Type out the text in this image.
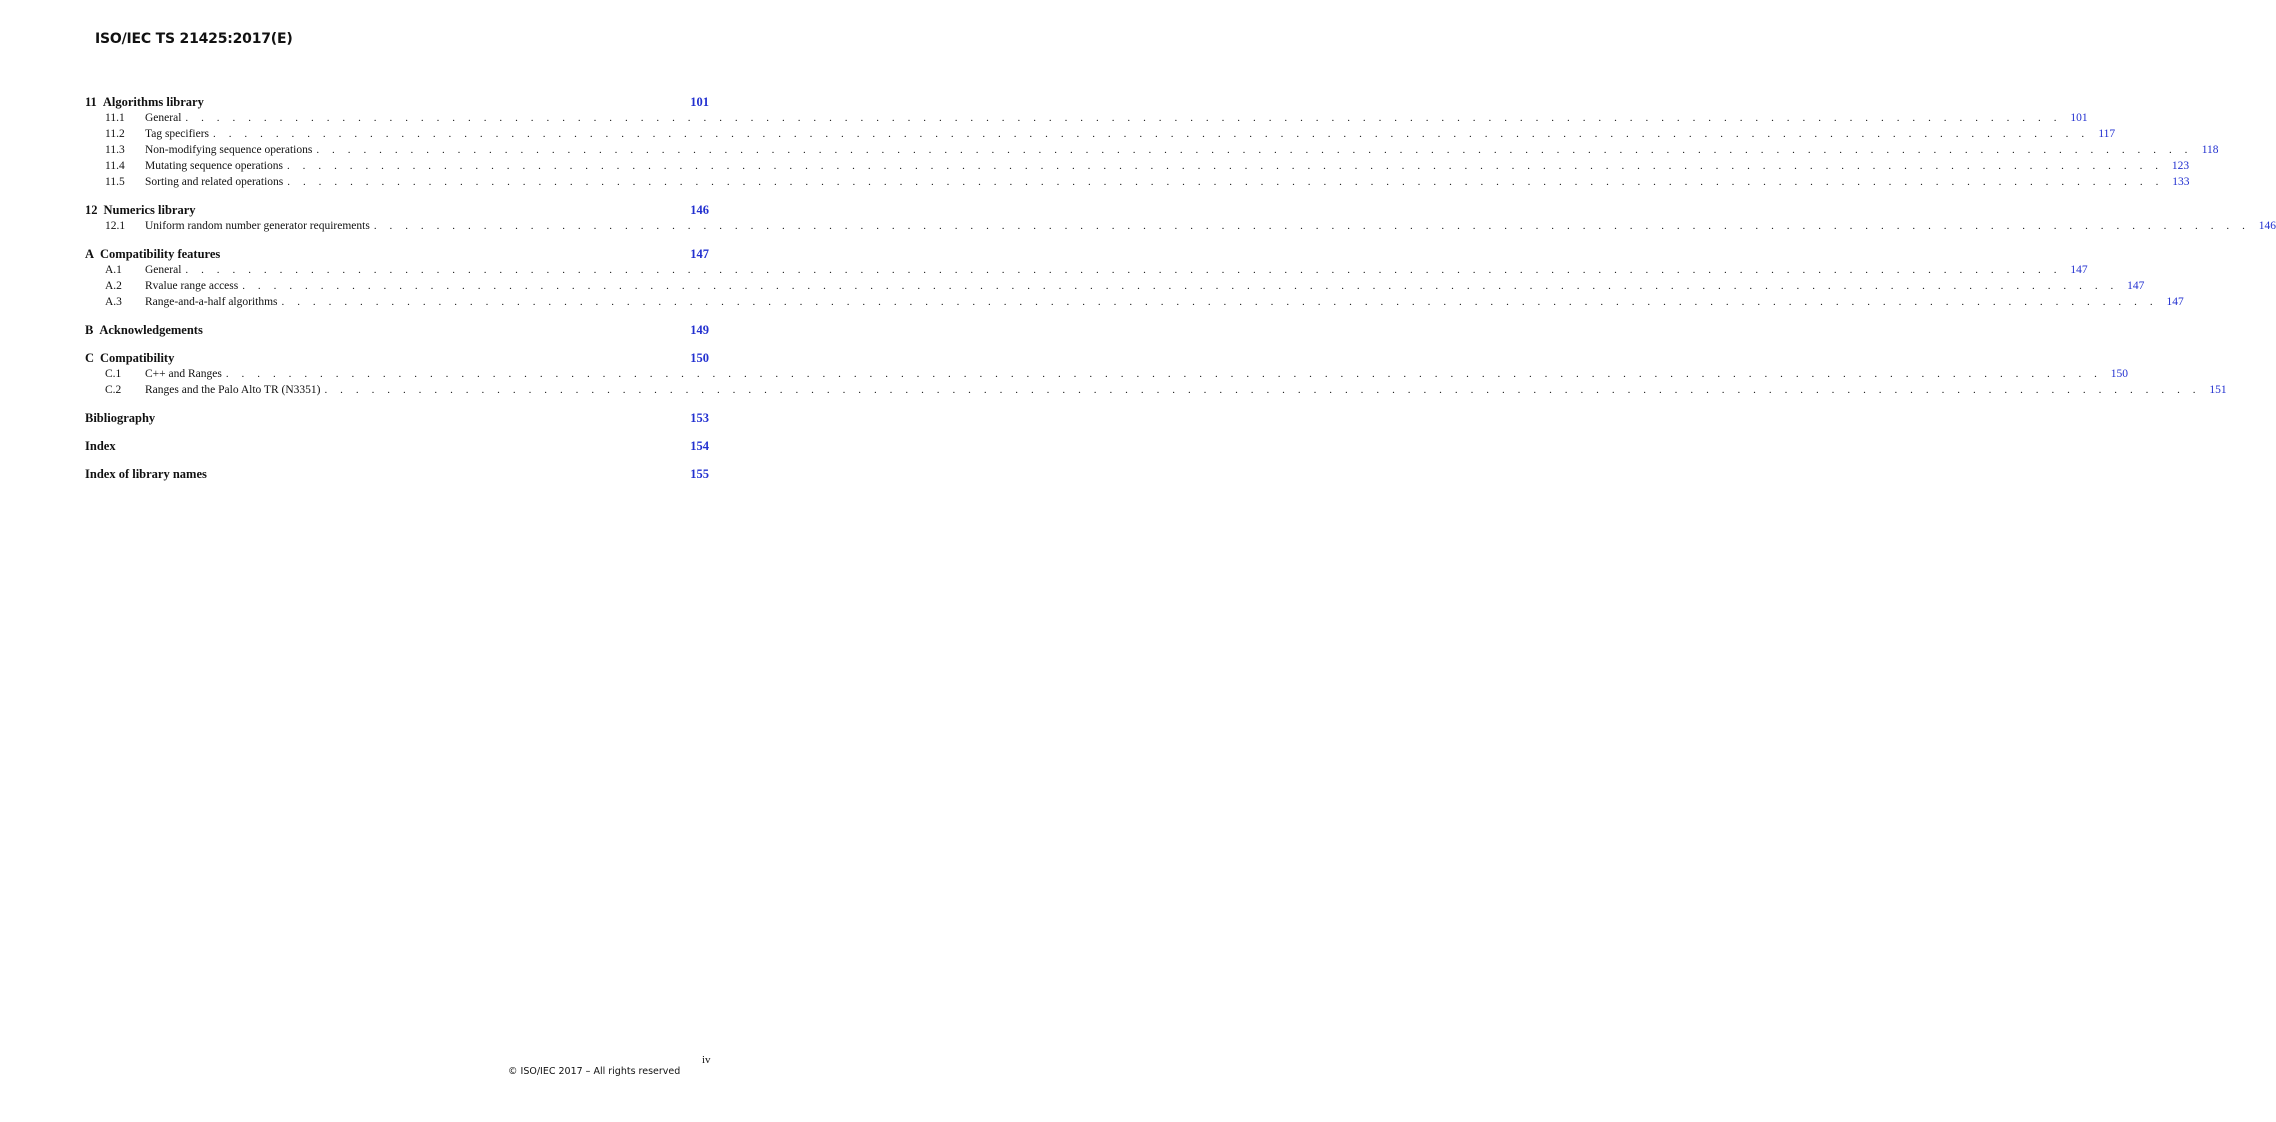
ISO/IEC TS 21425:2017(E)
11 Algorithms library	101
11.1	General . . . . . . . . . . . . . . . . . . . . . . . . . . . . . . . . . . . . . . . . . . . . . . . . . . . . . . . . . . . . . . . . . . . . . . . . . . . . . . . . . . . . . . . . . . . . . . . . . . . . . . . . . . . . . . . . . . . . . . . . 101
11.2	Tag specifiers . . . . . . . . . . . . . . . . . . . . . . . . . . . . . . . . . . . . . . . . . . . . . . . . . . . . . . . . . . . . . . . . . . . . . . . . . . . . . . . . . . . . . . . . . . . . . . . . . . . . . . . . . . . . . . . . . . . . . . . . 117
11.3	Non-modifying sequence operations . . . . . . . . . . . . . . . . . . . . . . . . . . . . . . . . . . . . . . . . . . . . . . . . . . . . . . . . . . . . . . . . . . . . . . . . . . . . . . . . . . . . . . . . . . . . . . . . . . . . . . . . . . . . . . . . . . . . . . . . 118
11.4	Mutating sequence operations . . . . . . . . . . . . . . . . . . . . . . . . . . . . . . . . . . . . . . . . . . . . . . . . . . . . . . . . . . . . . . . . . . . . . . . . . . . . . . . . . . . . . . . . . . . . . . . . . . . . . . . . . . . . . . . . . . . . . . . . 123
11.5	Sorting and related operations . . . . . . . . . . . . . . . . . . . . . . . . . . . . . . . . . . . . . . . . . . . . . . . . . . . . . . . . . . . . . . . . . . . . . . . . . . . . . . . . . . . . . . . . . . . . . . . . . . . . . . . . . . . . . . . . . . . . . . . . 133
12 Numerics library	146
12.1	Uniform random number generator requirements . . . . . . . . . . . . . . . . . . . . . . . . . . . . . . . . . . . . . . . . . . . . . . . . . . . . . . . . . . . . . . . . . . . . . . . . . . . . . . . . . . . . . . . . . . . . . . . . . . . . . . . . . . . . . . . . . . . . . . . . 146
A Compatibility features	147
A.1	General . . . . . . . . . . . . . . . . . . . . . . . . . . . . . . . . . . . . . . . . . . . . . . . . . . . . . . . . . . . . . . . . . . . . . . . . . . . . . . . . . . . . . . . . . . . . . . . . . . . . . . . . . . . . . . . . . . . . . . . . 147
A.2	Rvalue range access . . . . . . . . . . . . . . . . . . . . . . . . . . . . . . . . . . . . . . . . . . . . . . . . . . . . . . . . . . . . . . . . . . . . . . . . . . . . . . . . . . . . . . . . . . . . . . . . . . . . . . . . . . . . . . . . . . . . . . . . 147
A.3	Range-and-a-half algorithms . . . . . . . . . . . . . . . . . . . . . . . . . . . . . . . . . . . . . . . . . . . . . . . . . . . . . . . . . . . . . . . . . . . . . . . . . . . . . . . . . . . . . . . . . . . . . . . . . . . . . . . . . . . . . . . . . . . . . . . . 147
B Acknowledgements	149
C Compatibility	150
C.1	C++ and Ranges . . . . . . . . . . . . . . . . . . . . . . . . . . . . . . . . . . . . . . . . . . . . . . . . . . . . . . . . . . . . . . . . . . . . . . . . . . . . . . . . . . . . . . . . . . . . . . . . . . . . . . . . . . . . . . . . . . . . . . . . 150
C.2	Ranges and the Palo Alto TR (N3351) . . . . . . . . . . . . . . . . . . . . . . . . . . . . . . . . . . . . . . . . . . . . . . . . . . . . . . . . . . . . . . . . . . . . . . . . . . . . . . . . . . . . . . . . . . . . . . . . . . . . . . . . . . . . . . . . . . . . . . . . 151
Bibliography	153
Index	154
Index of library names	155
iv
© ISO/IEC 2017 – All rights reserved
